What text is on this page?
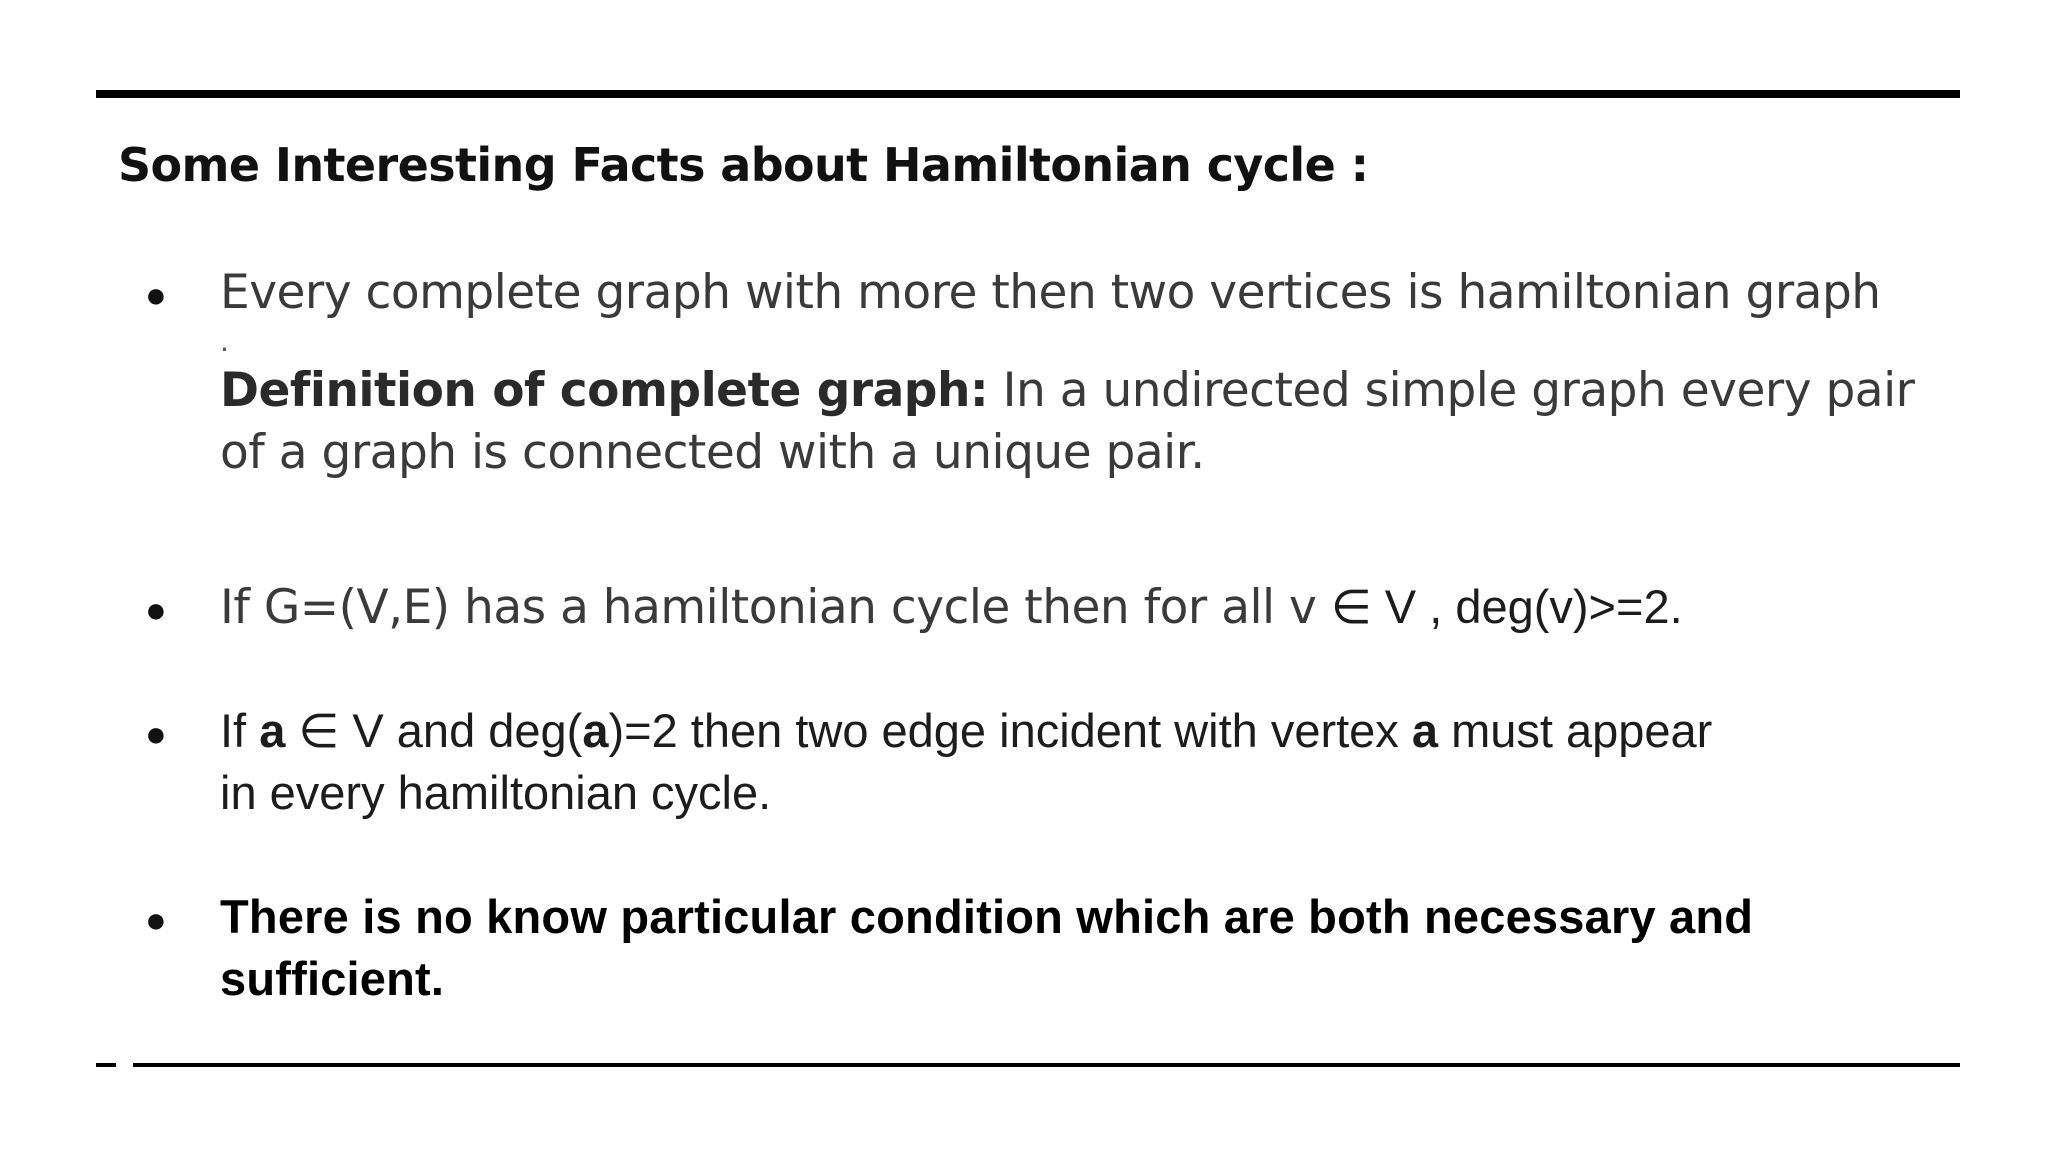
Some Interesting Facts about Hamiltonian cycle :
● Every complete graph with more then two vertices is hamiltonian graph
.
Definition of complete graph: In a undirected simple graph every pair
of a graph is connected with a unique pair.
● If G=(V,E) has a hamiltonian cycle then for all v ∈ V , deg(v)>=2.
● If a ∈ V and deg(a)=2 then two edge incident with vertex a must appear
in every hamiltonian cycle.
● There is no know particular condition which are both necessary and
sufficient.
